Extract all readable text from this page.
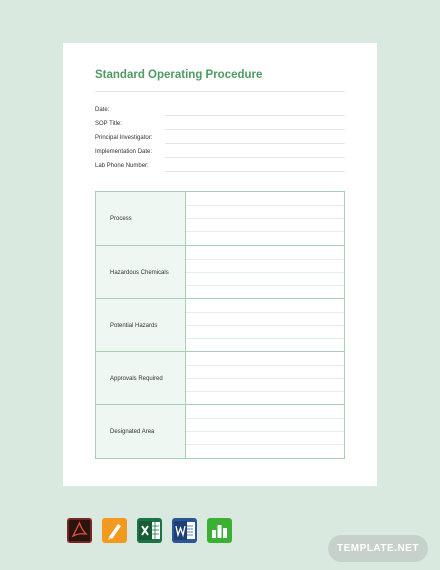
Standard Operating Procedure
Date:
SOP Title:
Principal Investigator:
Implementation Date:
Lab Phone Number:
Process
Hazardous Chemicals
Potential Hazards
Approvals Required
Designated Area
TEMPLATE.NET
